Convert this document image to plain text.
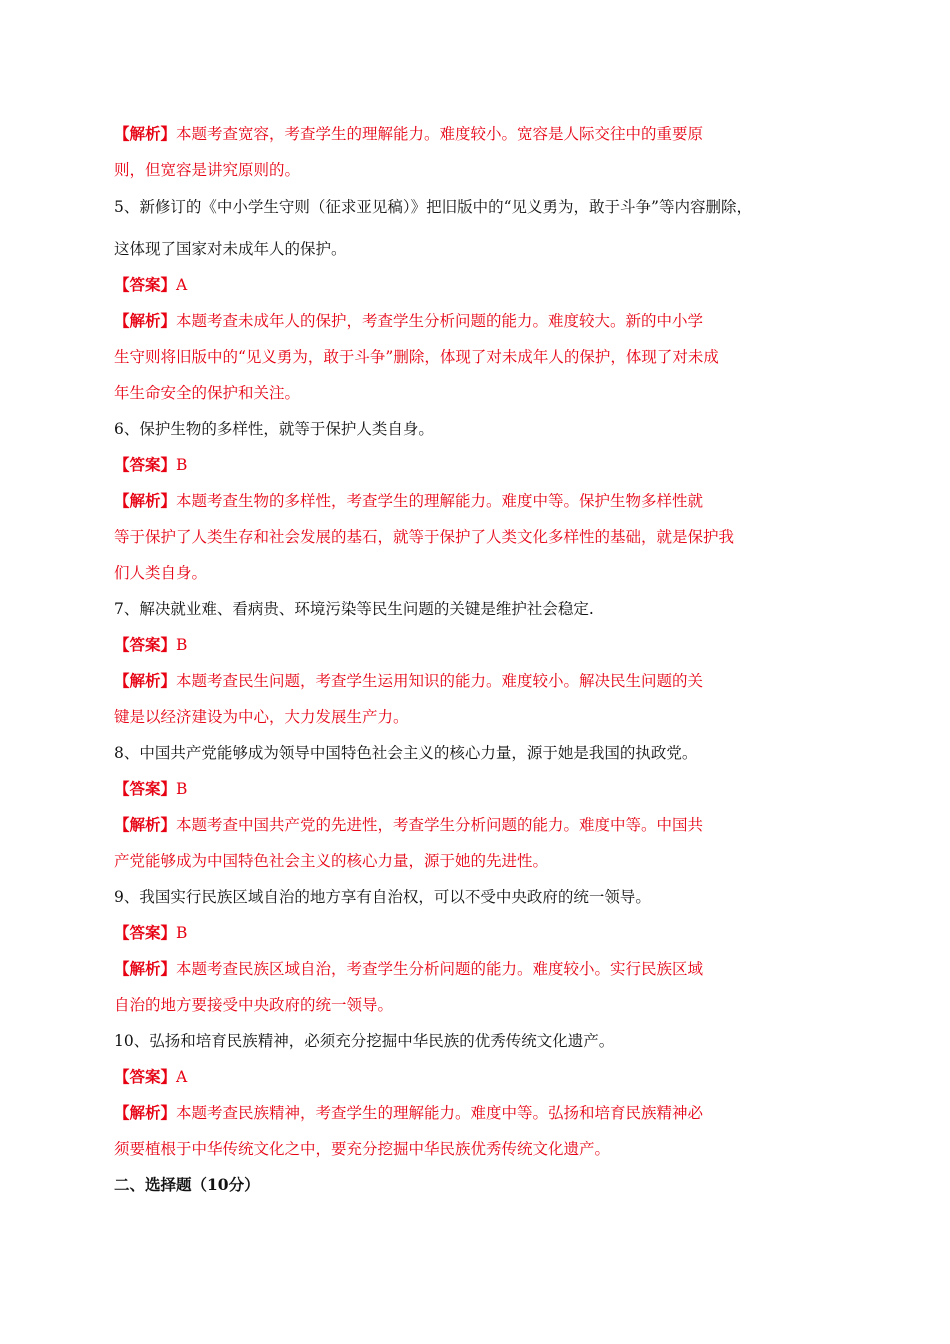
【解析】本题考查宽容，考查学生的理解能力。难度较小。宽容是人际交往中的重要原
则，但宽容是讲究原则的。
5、新修订的《中小学生守则（征求亚见稿）》把旧版中的“见义勇为，敢于斗争”等内容删除，
这体现了国家对未成年人的保护。
【答案】A
【解析】本题考查未成年人的保护，考查学生分析问题的能力。难度较大。新的中小学
生守则将旧版中的“见义勇为，敢于斗争”删除，体现了对未成年人的保护，体现了对未成
年生命安全的保护和关注。
6、保护生物的多样性，就等于保护人类自身。
【答案】B
【解析】本题考查生物的多样性，考查学生的理解能力。难度中等。保护生物多样性就
等于保护了人类生存和社会发展的基石，就等于保护了人类文化多样性的基础，就是保护我
们人类自身。
7、解决就业难、看病贵、环境污染等民生问题的关键是维护社会稳定.
【答案】B
【解析】本题考查民生问题，考查学生运用知识的能力。难度较小。解决民生问题的关
键是以经济建设为中心，大力发展生产力。
8、中国共产党能够成为领导中国特色社会主义的核心力量，源于她是我国的执政党。
【答案】B
【解析】本题考查中国共产党的先进性，考查学生分析问题的能力。难度中等。中国共
产党能够成为中国特色社会主义的核心力量，源于她的先进性。
9、我国实行民族区域自治的地方享有自治权，可以不受中央政府的统一领导。
【答案】B
【解析】本题考查民族区域自治，考查学生分析问题的能力。难度较小。实行民族区域
自治的地方要接受中央政府的统一领导。
10、弘扬和培育民族精神，必须充分挖掘中华民族的优秀传统文化遗产。
【答案】A
【解析】本题考查民族精神，考查学生的理解能力。难度中等。弘扬和培育民族精神必
须要植根于中华传统文化之中，要充分挖掘中华民族优秀传统文化遗产。
二、选择题（10分）
